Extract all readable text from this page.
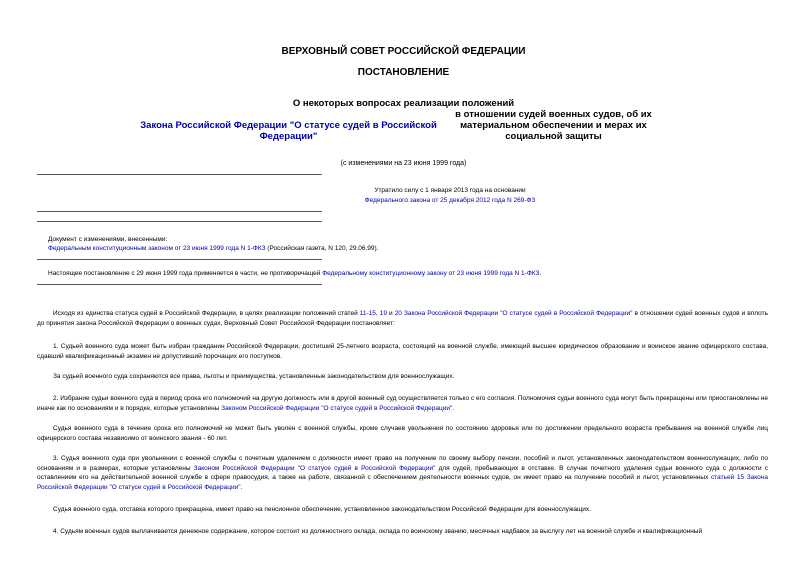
ВЕРХОВНЫЙ СОВЕТ РОССИЙСКОЙ ФЕДЕРАЦИИ
ПОСТАНОВЛЕНИЕ
О некоторых вопросах реализации положений
Закона Российской Федерации "О статусе судей в Российской Федерации"в отношении судей военных судов, об их материальном обеспечении и мерах их социальной защиты
(с изменениями на 23 июня 1999 года)
Утратило силу с 1 января 2013 года на основании
Федерального закона от 25 декабря 2012 года N 269-ФЗ
Документ с изменениями, внесенными:
Федеральным конституционным законом от 23 июня 1999 года N 1-ФКЗ (Российская газета, N 120, 29.06.99).
Настоящее постановление с 29 июня 1999 года применяется в части, не противоречащей Федеральному конституционному закону от 23 июня 1999 года N 1-ФКЗ.

Исходя из единства статуса судей в Российской Федерации, в целях реализации положений статей 11-15, 19 и 20 Закона Российской Федерации "О статусе судей в Российской Федерации" в отношении судей военных судов и вплоть до принятия закона Российской Федерации о военных судах, Верховный Совет Российской Федерации постановляет:

1. Судьей военного суда может быть избран гражданин Российской Федерации, достигший 25-летнего возраста, состоящий на военной службе, имеющий высшее юридическое образование и воинское звание офицерского состава, сдавший квалификационный экзамен не допустивший порочащих его поступков.

За судьей военного суда сохраняются все права, льготы и преимущества, установленные законодательством для военнослужащих.

2. Избрание судьи военного суда в период срока его полномочий на другую должность или в другой военный суд осуществляется только с его согласия. Полномочия судьи военного суда могут быть прекращены или приостановлены не иначе как по основаниям и в порядке, которые установлены Законом Российской Федерации "О статусе судей в Российской Федерации".

Судья военного суда в течение срока его полномочий не может быть уволен с военной службы, кроме случаев увольнения по состоянию здоровья или по достижении предельного возраста пребывания на военной службе лиц офицерского состава независимо от воинского звания - 60 лет.

3. Судья военного суда при увольнении с военной службы с почетным удалением с должности имеет право на получение по своему выбору пенсии, пособий и льгот, установленных законодательством военнослужащих, либо по основаниям и в размерах, которые установлены Законом Российской Федерации "О статусе судей в Российской Федерации" для судей, пребывающих в отставке. В случае почетного удаления судьи военного суда с должности с оставлением его на действительной военной службе в сфере правосудия, а также на работе, связанной с обеспечением деятельности военных судов, он имеет право на получение пособий и льгот, установленных статьей 15 Закона Российской Федерации "О статусе судей в Российской Федерации".

Судья военного суда, отставка которого прекращена, имеет право на пенсионное обеспечение, установленное законодательством Российской Федерации для военнослужащих.

4. Судьям военных судов выплачивается денежное содержание, которое состоит из должностного оклада, оклада по воинскому званию, месячных надбавок за выслугу лет на военной службе и квалификационный
